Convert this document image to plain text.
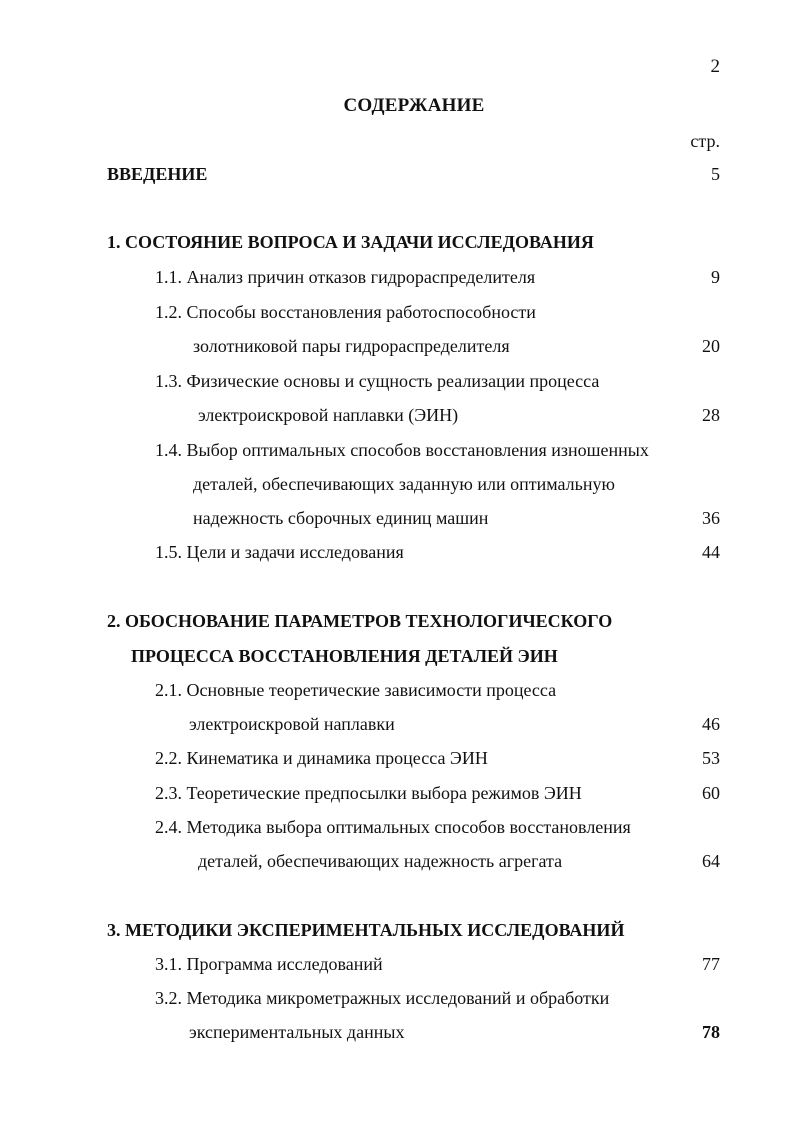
2
СОДЕРЖАНИЕ
стр.
ВВЕДЕНИЕ	5
1. СОСТОЯНИЕ ВОПРОСА И ЗАДАЧИ ИССЛЕДОВАНИЯ
1.1. Анализ причин отказов гидрораспределителя	9
1.2. Способы восстановления работоспособности
золотниковой пары гидрораспределителя	20
1.3. Физические основы и сущность реализации процесса
электроискровой наплавки (ЭИН)	28
1.4. Выбор оптимальных способов восстановления изношенных
деталей, обеспечивающих заданную или оптимальную
надежность сборочных единиц машин	36
1.5. Цели и задачи исследования	44
2. ОБОСНОВАНИЕ ПАРАМЕТРОВ ТЕХНОЛОГИЧЕСКОГО
ПРОЦЕССА ВОССТАНОВЛЕНИЯ ДЕТАЛЕЙ ЭИН
2.1. Основные теоретические зависимости процесса
электроискровой наплавки	46
2.2. Кинематика и динамика процесса ЭИН	53
2.3. Теоретические предпосылки выбора режимов ЭИН	60
2.4. Методика выбора оптимальных способов восстановления
деталей, обеспечивающих надежность агрегата	64
3. МЕТОДИКИ ЭКСПЕРИМЕНТАЛЬНЫХ ИССЛЕДОВАНИЙ
3.1. Программа исследований	77
3.2. Методика микрометражных исследований и обработки
экспериментальных данных	78
